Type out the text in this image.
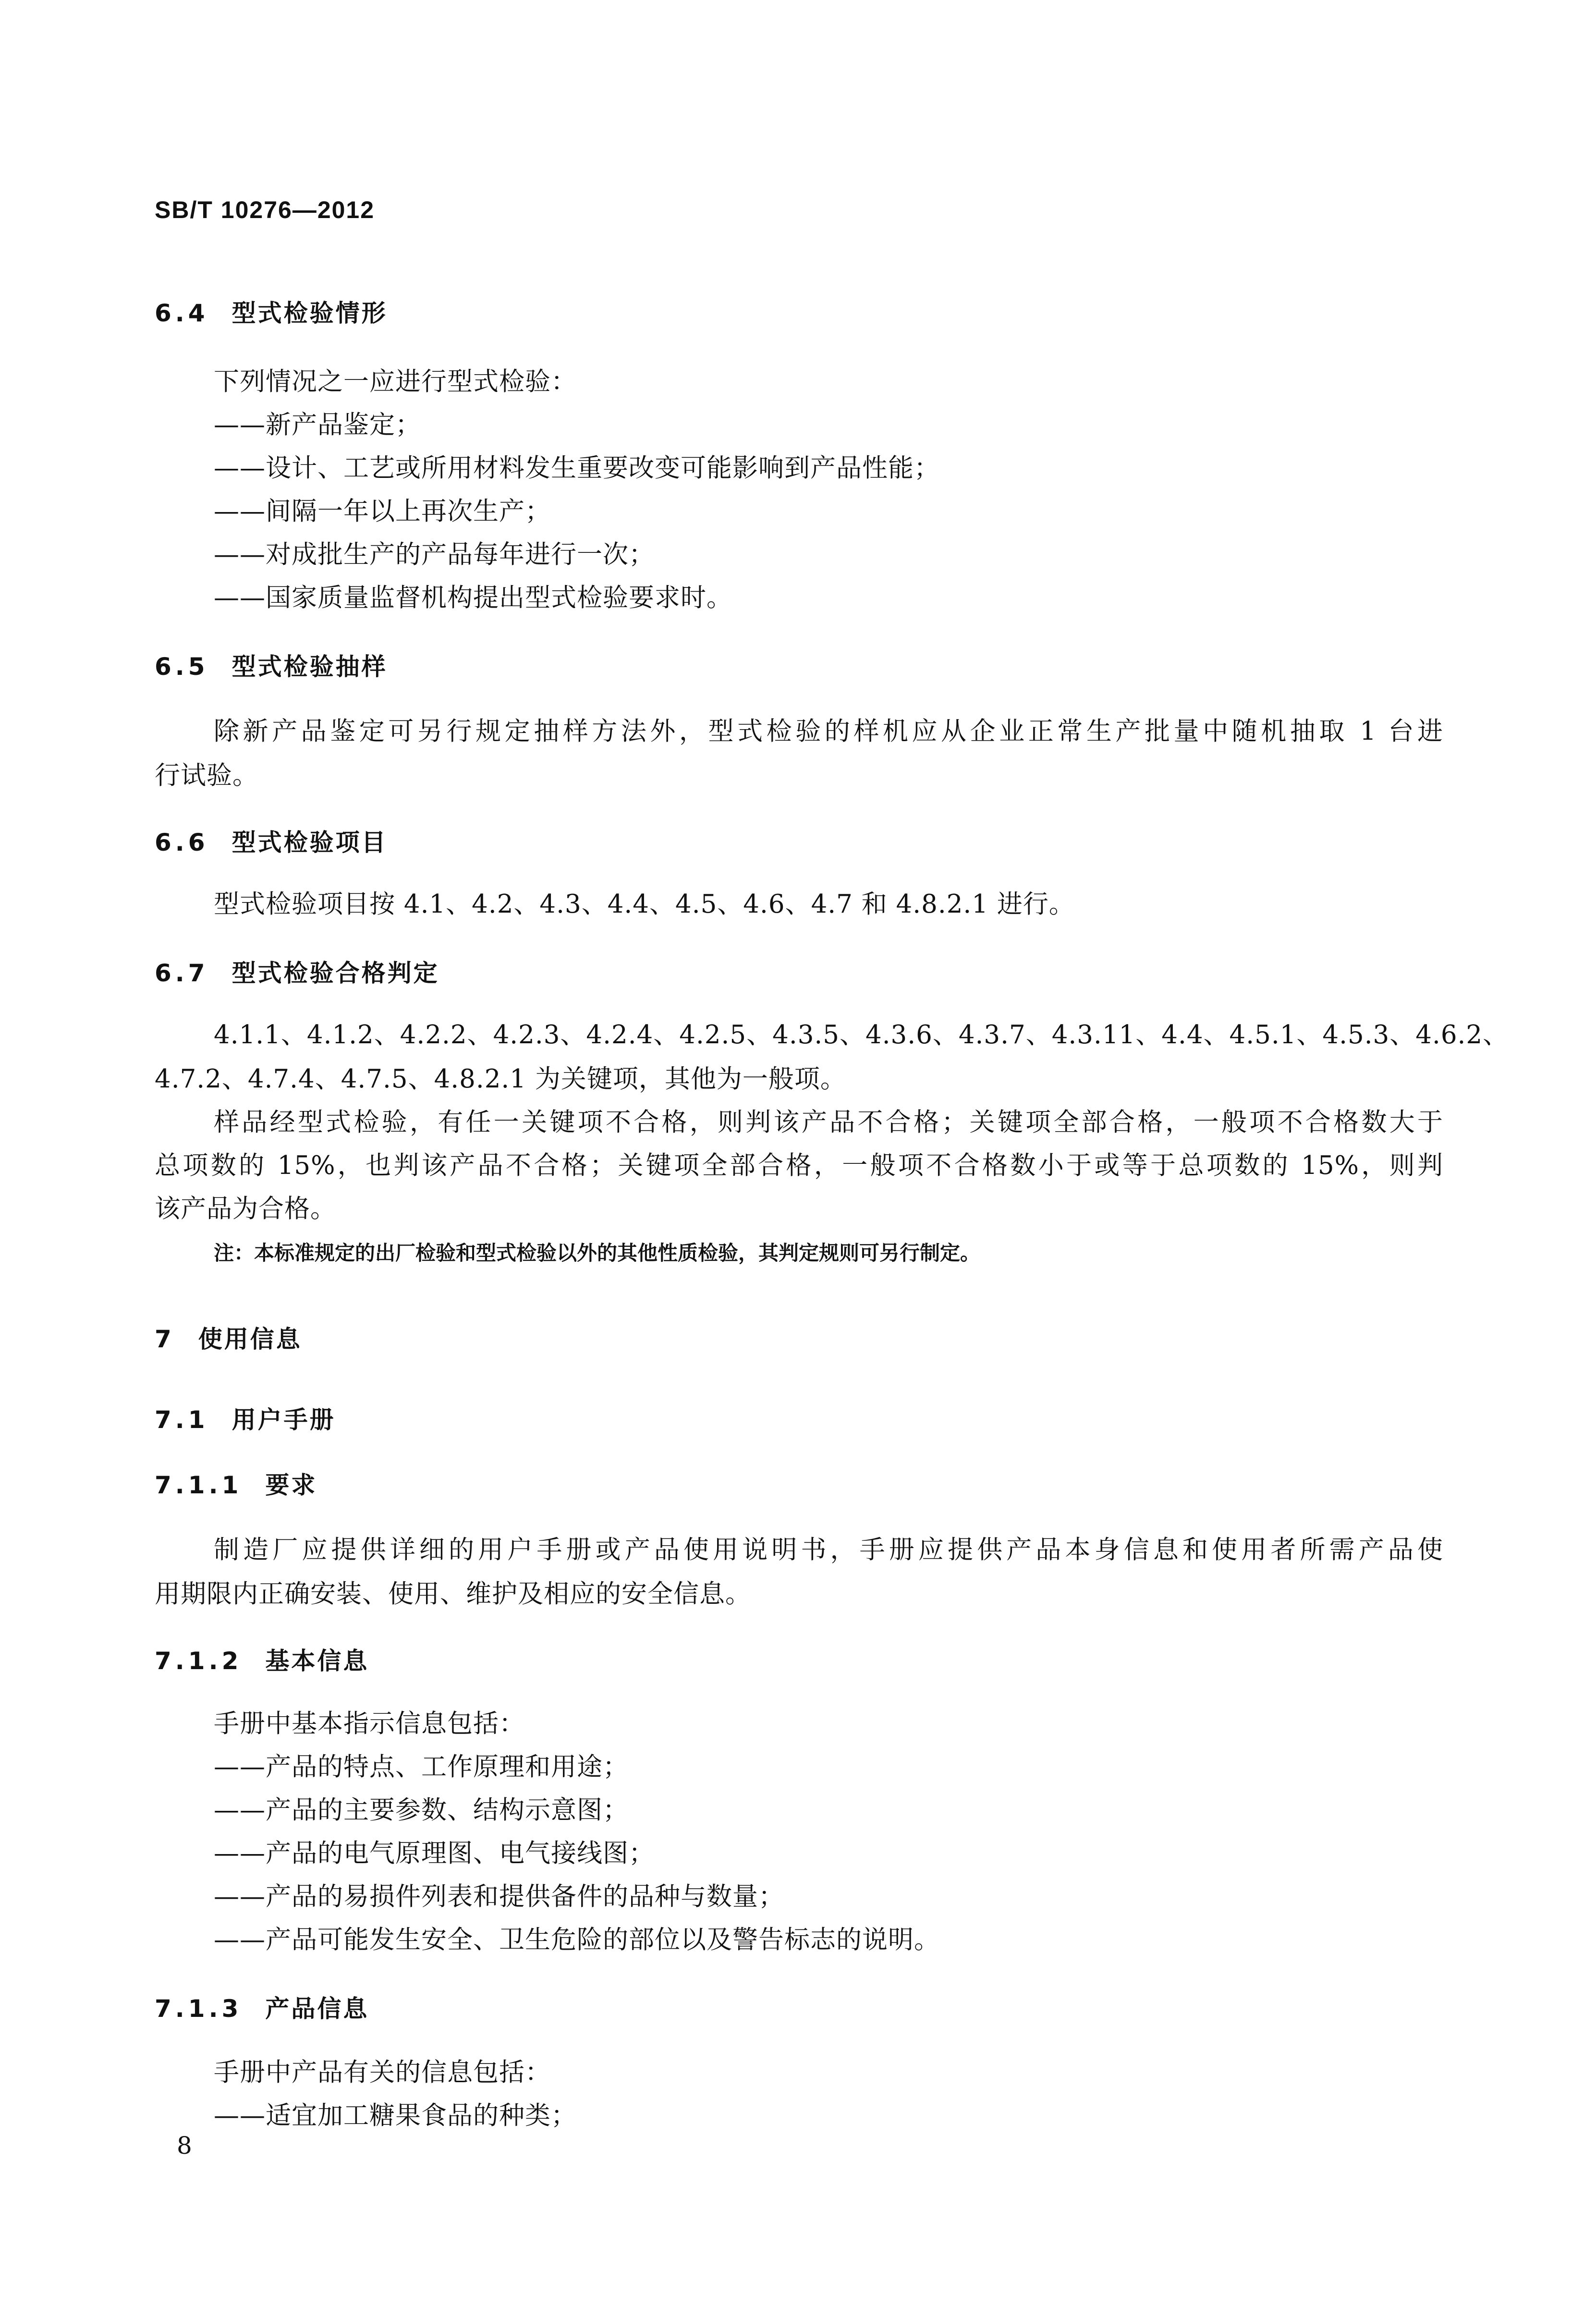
SB/T 10276—2012
6.4 型式检验情形
下列情况之一应进行型式检验：
——新产品鉴定；
——设计、工艺或所用材料发生重要改变可能影响到产品性能；
——间隔一年以上再次生产；
——对成批生产的产品每年进行一次；
——国家质量监督机构提出型式检验要求时。
6.5 型式检验抽样
除新产品鉴定可另行规定抽样方法外，型式检验的样机应从企业正常生产批量中随机抽取 1 台进
行试验。
6.6 型式检验项目
型式检验项目按 4.1、4.2、4.3、4.4、4.5、4.6、4.7 和 4.8.2.1 进行。
6.7 型式检验合格判定
4.1.1、4.1.2、4.2.2、4.2.3、4.2.4、4.2.5、4.3.5、4.3.6、4.3.7、4.3.11、4.4、4.5.1、4.5.3、4.6.2、
4.7.2、4.7.4、4.7.5、4.8.2.1 为关键项，其他为一般项。
样品经型式检验，有任一关键项不合格，则判该产品不合格；关键项全部合格，一般项不合格数大于
总项数的 15%，也判该产品不合格；关键项全部合格，一般项不合格数小于或等于总项数的 15%，则判
该产品为合格。
注：本标准规定的出厂检验和型式检验以外的其他性质检验，其判定规则可另行制定。
7 使用信息
7.1 用户手册
7.1.1 要求
制造厂应提供详细的用户手册或产品使用说明书，手册应提供产品本身信息和使用者所需产品使
用期限内正确安装、使用、维护及相应的安全信息。
7.1.2 基本信息
手册中基本指示信息包括：
——产品的特点、工作原理和用途；
——产品的主要参数、结构示意图；
——产品的电气原理图、电气接线图；
——产品的易损件列表和提供备件的品种与数量；
——产品可能发生安全、卫生危险的部位以及警告标志的说明。
7.1.3 产品信息
手册中产品有关的信息包括：
——适宜加工糖果食品的种类；
8
